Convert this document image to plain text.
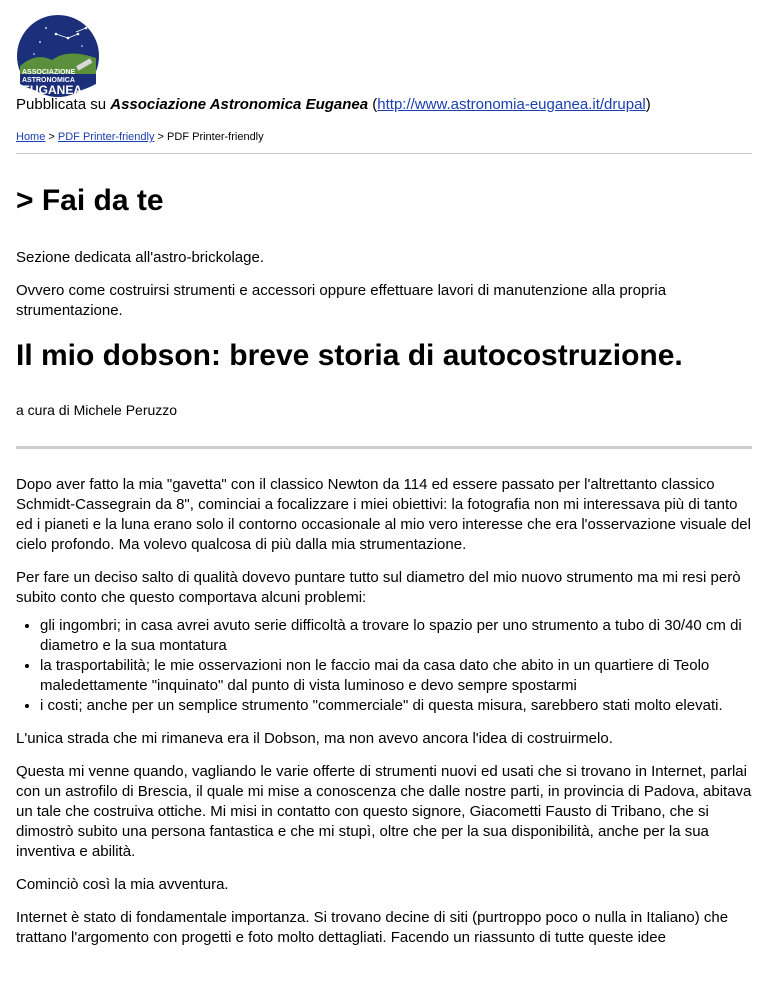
ASSOCIAZIONE
ASTRONOMICA
EUGANEA
Pubblicata su Associazione Astronomica Euganea (http://www.astronomia-euganea.it/drupal)
Home > PDF Printer-friendly > PDF Printer-friendly
> Fai da te

Sezione dedicata all'astro-brickolage.

Ovvero come costruirsi strumenti e accessori oppure effettuare lavori di manutenzione alla propria strumentazione.

Il mio dobson: breve storia di autocostruzione.
a cura di Michele Peruzzo

Dopo aver fatto la mia "gavetta" con il classico Newton da 114 ed essere passato per l'altrettanto classico Schmidt-Cassegrain da 8", cominciai a focalizzare i miei obiettivi: la fotografia non mi interessava più di tanto ed i pianeti e la luna erano solo il contorno occasionale al mio vero interesse che era l'osservazione visuale del cielo profondo. Ma volevo qualcosa di più dalla mia strumentazione.

Per fare un deciso salto di qualità dovevo puntare tutto sul diametro del mio nuovo strumento ma mi resi però subito conto che questo comportava alcuni problemi:

• gli ingombri; in casa avrei avuto serie difficoltà a trovare lo spazio per uno strumento a tubo di 30/40 cm di diametro e la sua montatura
• la trasportabilità; le mie osservazioni non le faccio mai da casa dato che abito in un quartiere di Teolo maledettamente "inquinato" dal punto di vista luminoso e devo sempre spostarmi
• i costi; anche per un semplice strumento "commerciale" di questa misura, sarebbero stati molto elevati.

L'unica strada che mi rimaneva era il Dobson, ma non avevo ancora l'idea di costruirmelo.

Questa mi venne quando, vagliando le varie offerte di strumenti nuovi ed usati che si trovano in Internet, parlai con un astrofilo di Brescia, il quale mi mise a conoscenza che dalle nostre parti, in provincia di Padova, abitava un tale che costruiva ottiche. Mi misi in contatto con questo signore, Giacometti Fausto di Tribano, che si dimostrò subito una persona fantastica e che mi stupì, oltre che per la sua disponibilità, anche per la sua inventiva e abilità.

Cominciò così la mia avventura.

Internet è stato di fondamentale importanza. Si trovano decine di siti (purtroppo poco o nulla in Italiano) che trattano l'argomento con progetti e foto molto dettagliati. Facendo un riassunto di tutte queste idee
